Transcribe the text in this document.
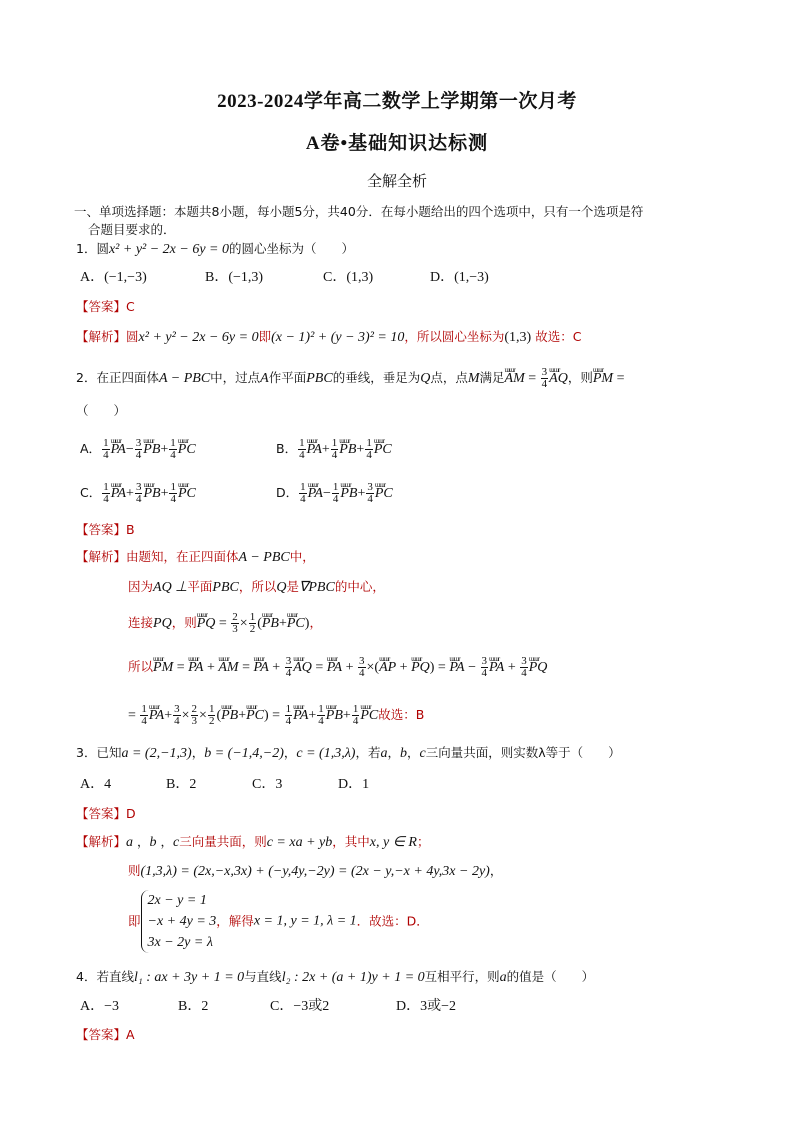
2023-2024学年高二数学上学期第一次月考
A卷•基础知识达标测
全解全析
一、单项选择题：本题共8小题，每小题5分，共40分．在每小题给出的四个选项中，只有一个选项是符
合题目要求的．
1．圆x² + y² − 2x − 6y = 0的圆心坐标为（　　）
A．(−1,−3)	B．(−1,3)	C．(1,3)	D．(1,−3)
【答案】C
【解析】圆x² + y² − 2x − 6y = 0即(x − 1)² + (y − 3)² = 10，所以圆心坐标为(1,3) 故选：C
2．在正四面体A − PBC中，过点A作平面PBC的垂线，垂足为Q点，点M满足ɯɯr AM = $\frac{3}{4}$ ɯɯr AQ，则ɯɯr PM =
（　　）
A． $\frac{1}{4}$ ɯɯr $PA- \frac{3}{4}$ ɯɯr $PB+ \frac{1}{4}$ ɯɯr PC	B． $\frac{1}{4}$ ɯɯr $PA+ \frac{1}{4}$ ɯɯr $PB+ \frac{1}{4}$ ɯɯr PC
C． $\frac{1}{4}$ ɯɯr $PA+ \frac{3}{4}$ ɯɯr $PB+ \frac{1}{4}$ ɯɯr PC	D． $\frac{1}{4}$ ɯɯr $PA- \frac{1}{4}$ ɯɯr $PB+ \frac{3}{4}$ ɯɯr PC
【答案】B
【解析】由题知，在正四面体A − PBC中，
因为AQ ⊥平面PBC，所以Q是∇PBC的中心，
连接PQ，则ɯɯr PQ = $\frac{2}{3} \times \frac{1}{2}$ (ɯɯr PB+ɯɯr PC)，
所以ɯɯr PM = ɯɯr PA + ɯɯr AM = ɯɯr PA + $\frac{3}{4}$ ɯɯr AQ = ɯɯr PA + $\frac{3}{4}$ ×(ɯɯr AP + ɯɯr PQ) = ɯɯr PA − $\frac{3}{4}$ ɯɯr PA + $\frac{3}{4}$ ɯɯr PQ
= $\frac{1}{4}$ ɯɯr $PA+ \frac{3}{4} \times \frac{2}{3} \times \frac{1}{2}$ (ɯɯr PB+ɯɯr $PC) = \frac{1}{4}$ ɯɯr $PA+ \frac{1}{4}$ ɯɯr $PB+ \frac{1}{4}$ ɯɯr PC故选：B
3．已知a = (2,−1,3)，b = (−1,4,−2)，c = (1,3,λ)，若a，b，c三向量共面，则实数λ等于（　　）
A．4	B．2	C．3	D．1
【答案】D
【解析】a ，b ，c三向量共面，则c = xa + yb，其中x, y ∈ R；
则(1,3,λ) = (2x,−x,3x) + (−y,4y,−2y) = (2x − y,−x + 4y,3x − 2y)，
即
2x − y = 1
−x + 4y = 3
3x − 2y = λ
，解得x = 1, y = 1, λ = 1．故选：D．
4．若直线l₁ : ax + 3y + 1 = 0与直线l₂ : 2x + (a + 1)y + 1 = 0互相平行，则a的值是（　　）
A．−3	B．2	C．−3或2	D．3或−2
【答案】A
